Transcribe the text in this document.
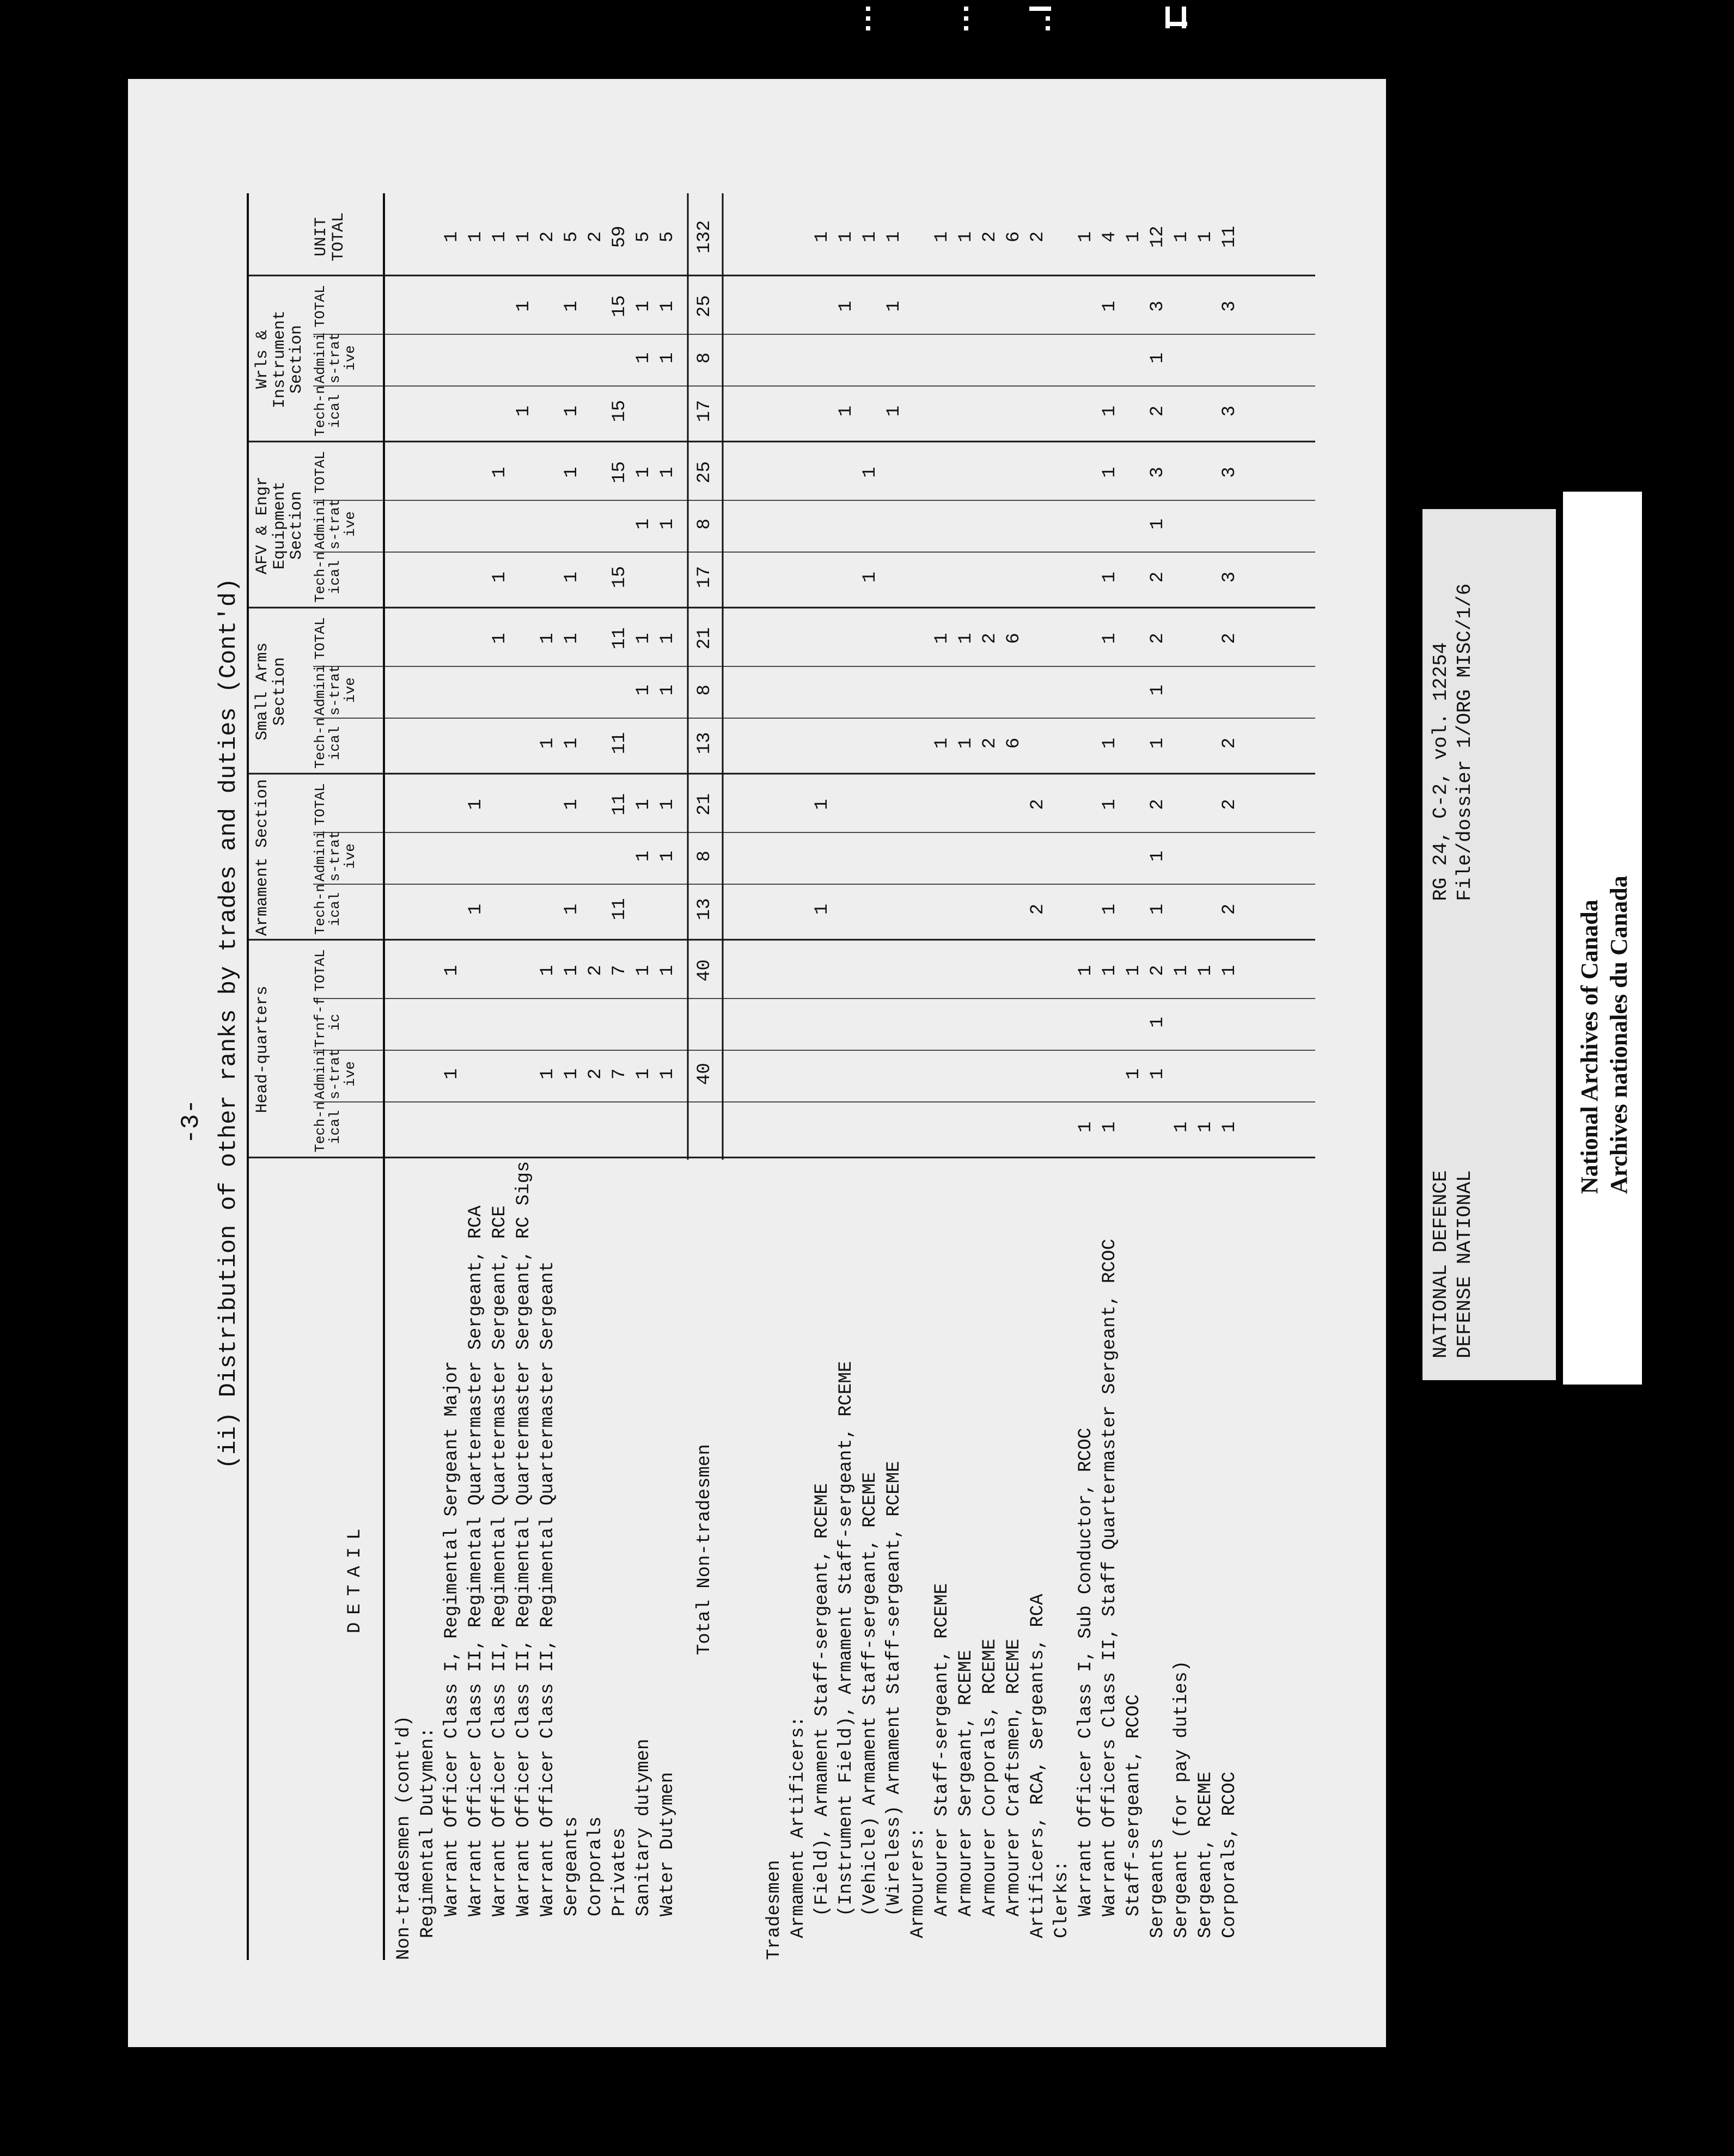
-3- (ii) Distribution of other ranks by trades and duties (Cont'd)
DETAIL
Head-quarters
Tech-nical
Adminis-trative
Trnf-fic
TOTAL
Armament Section	Tech-nical
Adminis-trative
TOTAL
Small Arms Section
Tech-nical
Adminis-trative
TOTAL
AFV & Engr Equipment Section
Tech-nical
Adminis-trative
TOTAL
Wrls & Instrument Section
Tech-nical
Adminis-trative
TOTAL
UNIT TOTAL
Non-tradesmen (cont'd) Regimental Dutymen: Warrant Officer Class I, Regimental Sergeant Major
1
1
1
Warrant Officer Class II, Regimental Quartermaster Sergeant, RCA
1
1
1
Warrant Officer Class II, Regimental Quartermaster Sergeant, RCE
1
1
1
1
Warrant Officer Class II, Regimental Quartermaster Sergeant, RC Sigs
1
1
1
Warrant Officer Class II, Regimental Quartermaster Sergeant
1
1
1
1
2
Sergeants
1
1
1
1
1
1
1
1
1
1
5
Corporals
2
2
2
Privates
7
7
11
11
11
11
15
15
15
15
59
Sanitary dutymen
1
1
1
1
1
1
1
1
1
1
5
Water Dutymen
1
1
1
1
1
1
1
1
1
1
5
Total Non-tradesmen
40
40
13
8
21
13
8
21
17
8
25
17
8
25
132
Tradesmen Armament Artificers: (Field), Armament Staff-sergeant, RCEME
1
1
1
(Instrument Field), Armament Staff-sergeant, RCEME
1
1
1
(Vehicle) Armament Staff-sergeant, RCEME
1
1
1
(Wireless) Armament Staff-sergeant, RCEME
1
1
1
Armourers: Armourer Staff-sergeant, RCEME
1
1
1
Armourer Sergeant, RCEME
1
1
1
Armourer Corporals, RCEME
2
2
2
Armourer Craftsmen, RCEME
6
6
6
Artificers, RCA, Sergeants, RCA
2
2
2
Clerks: Warrant Officer Class I, Sub Conductor, RCOC
1
1
1
Warrant Officers Class II, Staff Quartermaster Sergeant, RCOC
1
1
1
1
1
1
1
1
1
1
4
Staff-sergeant, RCOC
1
1
1
Sergeants
1
1
2
1
1
2
1
1
2
2
1
3
2
1
3
12
Sergeant (for pay duties)
1
1
1
Sergeant, RCEME
1
1
1
Corporals, RCOC
1
1
2
2
2
2
3
3
3
3
11
NATIONAL DEFENCE DEFENSE NATIONAL
RG 24, C-2, vol. 12254 File/dossier 1/ORG MISC/1/6
National Archives of Canada Archives nationales du Canada
